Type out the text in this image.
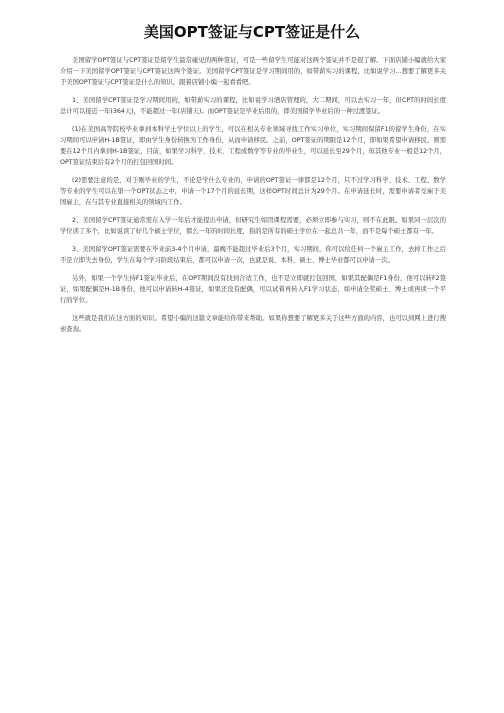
美国OPT签证与CPT签证是什么

美国留学OPT签证与CPT签证是留学生最常碰见的两种签证，可是一些留学生可能对这两个签证并不是很了解。下面店铺小编就给大家介绍一下美国留学OPT签证与CPT签证这两个签证。美国留学CPT签证是学习期间用的，如带薪实习的课程，比如说学习...想要了解更多关于美国OPT签证与CPT签证是什么的知识，跟着店铺小编一起看看吧。

1、美国留学CPT签证是学习期间用的，如带薪实习的课程，比如说学习酒店管理的，大二期间，可以去实习一年，但CPT的时间长度总计可以接近一年(364天)，不能超过一年(店铺天)。而OPT签证是毕业后用的，即美国留学毕业后的一种过渡签证。

(1)在美国高等院校毕业拿到本科学士学位以上的学生，可以在相关专业领域寻找工作实习单位，实习期间保留F1的留学生身份，在实习期间可以申请H-1B签证，即由学生身份转换为工作身份，从而申请移民。之前，OPT签证的期限是12个月，即如果希望申请移民，则需要在12个月内拿到H-1B签证，目前，如果学习科学、技术、工程或数学等专业的毕业生，可以延长至29个月，但其他专业一般是12个月，OPT签证结束后有2个月的打包回国时间。

(2)需要注意的是，对于刚毕业的学生，不论是学什么专业的，申请的OPT签证一律都是12个月，只不过学习科学、技术、工程、数学等专业的学生可以在第一个OPT状态之中，申请一个17个月的延长期，这样OPT时间总计为29个月。在申请延长时，需要申请者受雇于美国雇主，在与其专业直接相关的领域内工作。

2、美国留学CPT签证通常需在入学一年后才能提出申请，但研究生如因课程需要，必须立即参与实习，则不在此限。如果同一层次的学位读了多个，比如说读了好几个硕士学位，那么一年的时间长度，指的是所有的硕士学位在一起总共一年，而不是每个硕士都有一年。

3、美国留学OPT签证需要在毕业前3-4个月申请，最晚不能超过毕业后3个月，实习期间，你可以给任何一个雇主工作，去掉工作之后不是立即失去身份，学生在每个学习阶段结束后，都可以申请一次，也就是说，本科、硕士、博士毕业都可以申请一次。

另外，如果一个学生持F1签证毕业后，在OPT期间没有找到合适工作，也不是立即就打包回国，如果其配偶是F1身份，他可以转F2签证，如果配偶是H-1B身份，他可以申请转H-4签证，如果还没有配偶，可以试着再转入F1学习状态，如申请全奖硕士、博士或再读一个平行的学位。

这些就是我们在这方面的知识。希望小编的这篇文章能给你带来帮助。如果你想要了解更多关于这些方面的内容，也可以到网上进行搜索查询。
